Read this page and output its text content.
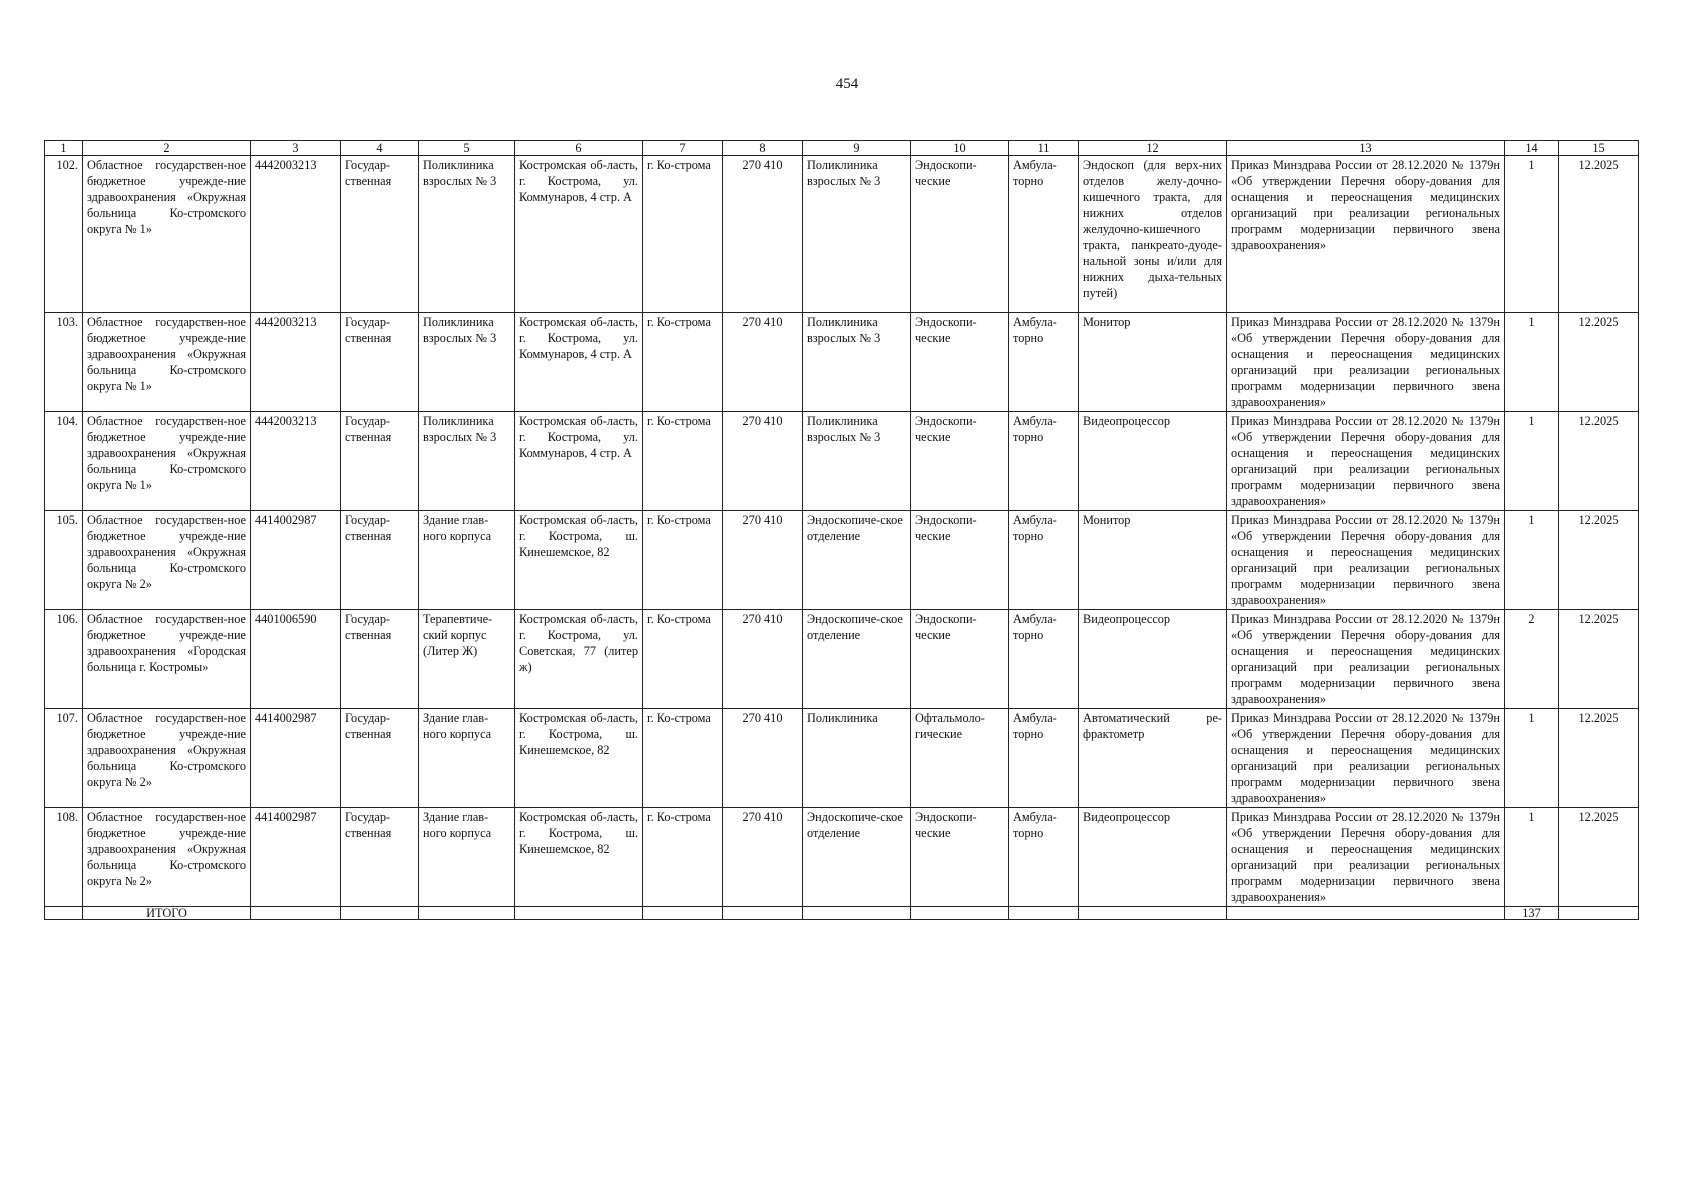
454
1	2	3	4	5	6	7	8	9	10	11	12	13	14	15
102.	Областное государствен-ное бюджетное учрежде-ние здравоохранения «Окружная больница Ко-стромского округа № 1»	4442003213	Государ-ственная	Поликлиника взрослых № 3	Костромская об-ласть, г. Кострома, ул. Коммунаров, 4 стр. А	г. Ко-строма	270 410	Поликлиника взрослых № 3	Эндоскопи-ческие	Амбула-торно	Эндоскоп (для верх-них отделов желу-дочно-кишечного тракта, для нижних отделов желудочно-кишечного тракта, панкреато-дуоде-нальной зоны и/или для нижних дыха-тельных путей)	Приказ Минздрава России от 28.12.2020 № 1379н «Об утверждении Перечня обору-дования для оснащения и переоснащения медицинских организаций при реализации региональных программ модернизации первичного звена здравоохранения»	1	12.2025
103.	Областное государствен-ное бюджетное учрежде-ние здравоохранения «Окружная больница Ко-стромского округа № 1»	4442003213	Государ-ственная	Поликлиника взрослых № 3	Костромская об-ласть, г. Кострома, ул. Коммунаров, 4 стр. А	г. Ко-строма	270 410	Поликлиника взрослых № 3	Эндоскопи-ческие	Амбула-торно	Монитор	Приказ Минздрава России от 28.12.2020 № 1379н «Об утверждении Перечня обору-дования для оснащения и переоснащения медицинских организаций при реализации региональных программ модернизации первичного звена здравоохранения»	1	12.2025
104.	Областное государствен-ное бюджетное учрежде-ние здравоохранения «Окружная больница Ко-стромского округа № 1»	4442003213	Государ-ственная	Поликлиника взрослых № 3	Костромская об-ласть, г. Кострома, ул. Коммунаров, 4 стр. А	г. Ко-строма	270 410	Поликлиника взрослых № 3	Эндоскопи-ческие	Амбула-торно	Видеопроцессор	Приказ Минздрава России от 28.12.2020 № 1379н «Об утверждении Перечня обору-дования для оснащения и переоснащения медицинских организаций при реализации региональных программ модернизации первичного звена здравоохранения»	1	12.2025
105.	Областное государствен-ное бюджетное учрежде-ние здравоохранения «Окружная больница Ко-стромского округа № 2»	4414002987	Государ-ственная	Здание глав-ного корпуса	Костромская об-ласть, г. Кострома, ш. Кинешемское, 82	г. Ко-строма	270 410	Эндоскопиче-ское отделение	Эндоскопи-ческие	Амбула-торно	Монитор	Приказ Минздрава России от 28.12.2020 № 1379н «Об утверждении Перечня обору-дования для оснащения и переоснащения медицинских организаций при реализации региональных программ модернизации первичного звена здравоохранения»	1	12.2025
106.	Областное государствен-ное бюджетное учрежде-ние здравоохранения «Городская больница г. Костромы»	4401006590	Государ-ственная	Терапевтиче-ский корпус (Литер Ж)	Костромская об-ласть, г. Кострома, ул. Советская, 77 (литер ж)	г. Ко-строма	270 410	Эндоскопиче-ское отделение	Эндоскопи-ческие	Амбула-торно	Видеопроцессор	Приказ Минздрава России от 28.12.2020 № 1379н «Об утверждении Перечня обору-дования для оснащения и переоснащения медицинских организаций при реализации региональных программ модернизации первичного звена здравоохранения»	2	12.2025
107.	Областное государствен-ное бюджетное учрежде-ние здравоохранения «Окружная больница Ко-стромского округа № 2»	4414002987	Государ-ственная	Здание глав-ного корпуса	Костромская об-ласть, г. Кострома, ш. Кинешемское, 82	г. Ко-строма	270 410	Поликлиника	Офтальмоло-гические	Амбула-торно	Автоматический ре-фрактометр	Приказ Минздрава России от 28.12.2020 № 1379н «Об утверждении Перечня обору-дования для оснащения и переоснащения медицинских организаций при реализации региональных программ модернизации первичного звена здравоохранения»	1	12.2025
108.	Областное государствен-ное бюджетное учрежде-ние здравоохранения «Окружная больница Ко-стромского округа № 2»	4414002987	Государ-ственная	Здание глав-ного корпуса	Костромская об-ласть, г. Кострома, ш. Кинешемское, 82	г. Ко-строма	270 410	Эндоскопиче-ское отделение	Эндоскопи-ческие	Амбула-торно	Видеопроцессор	Приказ Минздрава России от 28.12.2020 № 1379н «Об утверждении Перечня обору-дования для оснащения и переоснащения медицинских организаций при реализации региональных программ модернизации первичного звена здравоохранения»	1	12.2025
	ИТОГО												137	
